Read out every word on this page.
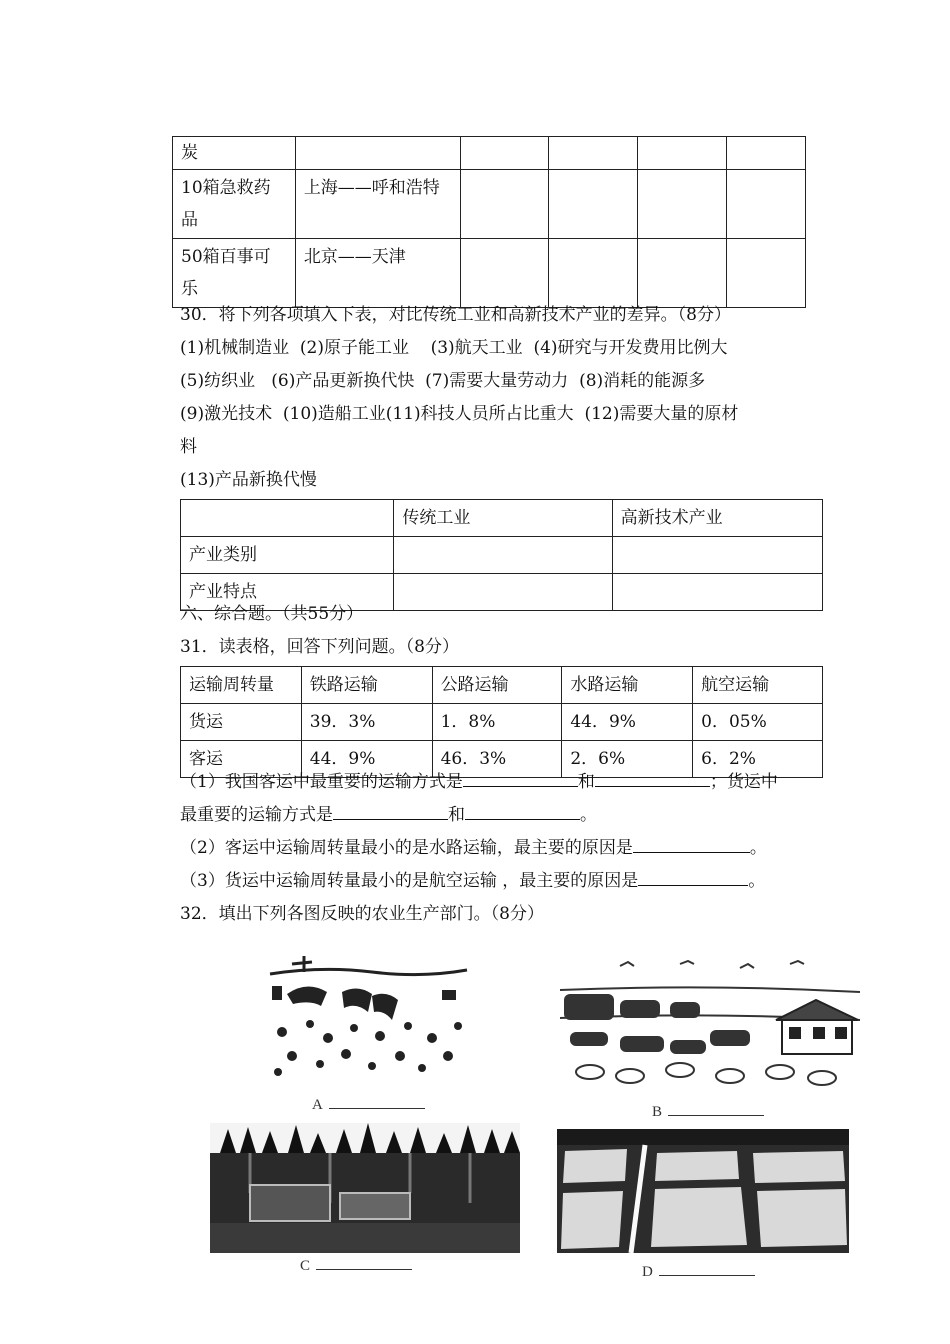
炭					
10箱急救药品	上海——呼和浩特				
50箱百事可乐	北京——天津				
30．将下列各项填入下表，对比传统工业和高新技术产业的差异。（8分）
(1)机械制造业  (2)原子能工业    (3)航天工业  (4)研究与开发费用比例大
(5)纺织业   (6)产品更新换代快  (7)需要大量劳动力  (8)消耗的能源多
(9)激光技术  (10)造船工业(11)科技人员所占比重大  (12)需要大量的原材
料
(13)产品新换代慢
	传统工业	高新技术产业
产业类别		
产业特点		
六、综合题。（共55分）
31．读表格，回答下列问题。（8分）
运输周转量	铁路运输	公路运输	水路运输	航空运输
货运	39．3%	1．8%	44．9%	0．05%
客运	44．9%	46．3%	2．6%	6．2%
（1）我国客运中最重要的运输方式是	和	；货运中
最重要的运输方式是	和	。
（2）客运中运输周转量最小的是水路运输，最主要的原因是	。
（3）货运中运输周转量最小的是航空运输 ，最主要的原因是	。
32．填出下列各图反映的农业生产部门。（8分）
A	B
C	D
